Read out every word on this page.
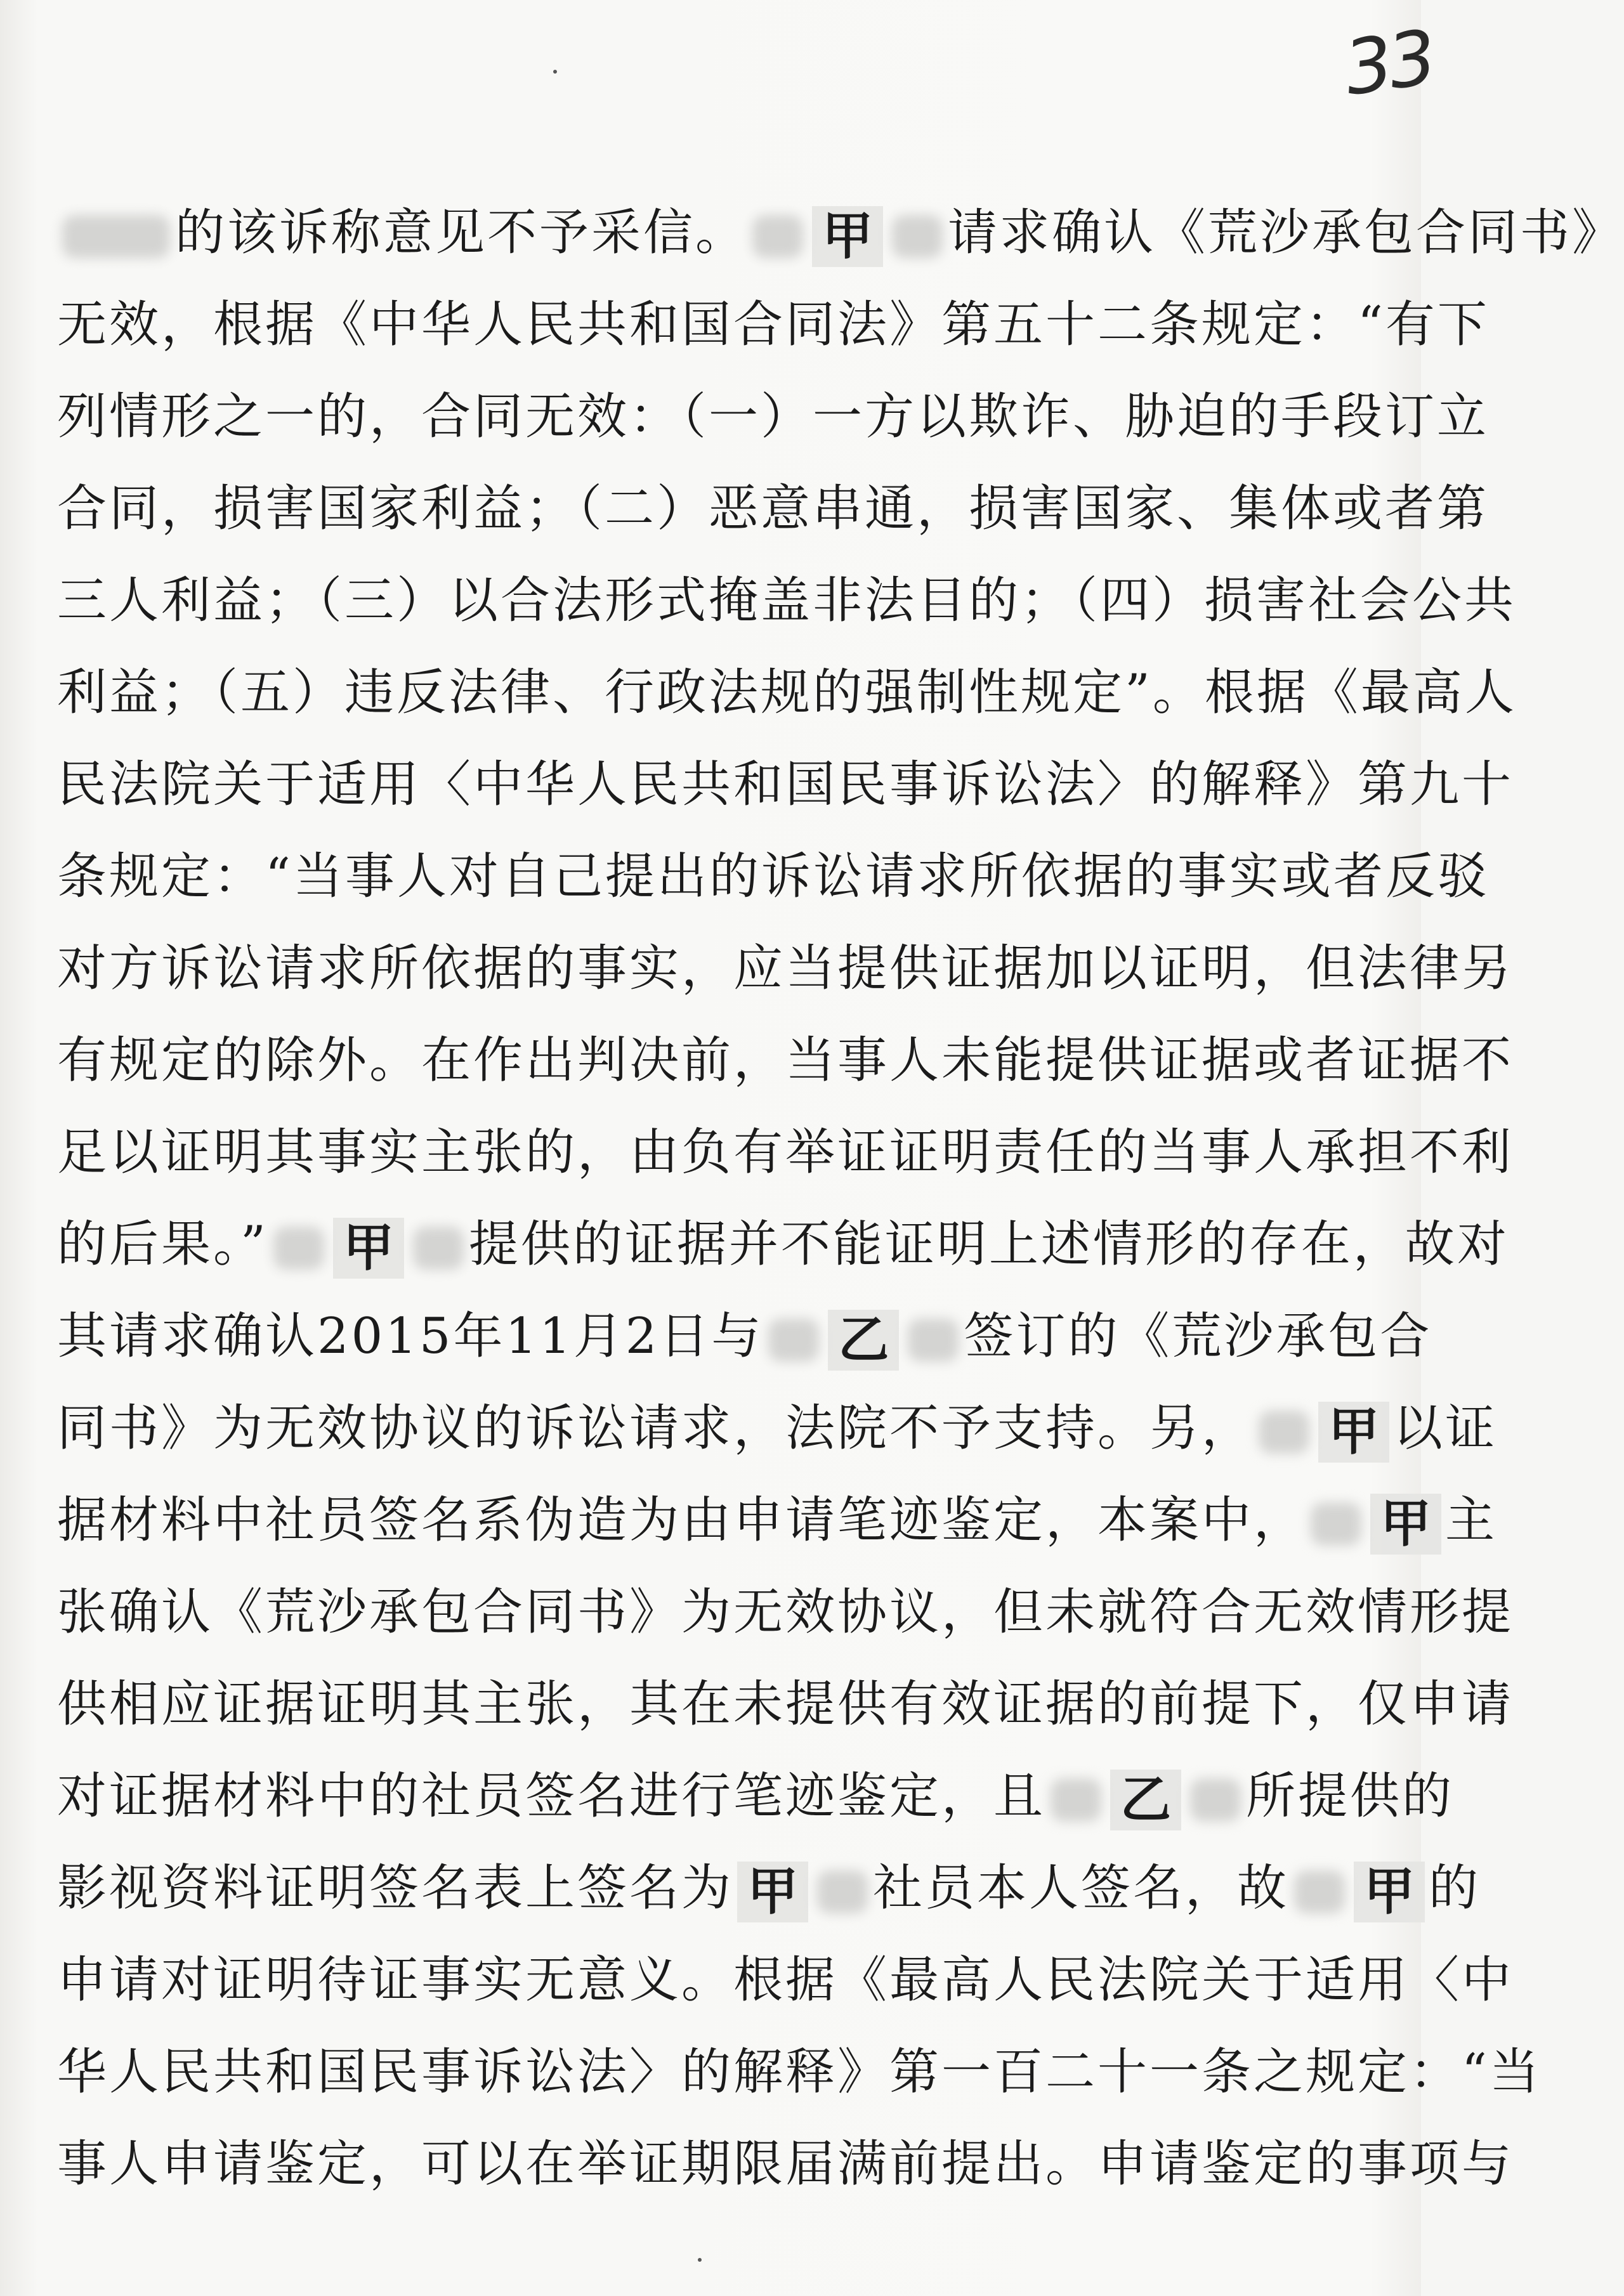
33
的该诉称意见不予采信。 甲 请求确认《荒沙承包合同书》
无效，根据《中华人民共和国合同法》第五十二条规定：“有下
列情形之一的，合同无效：（一）一方以欺诈、胁迫的手段订立
合同，损害国家利益；（二）恶意串通，损害国家、集体或者第
三人利益；（三）以合法形式掩盖非法目的；（四）损害社会公共
利益；（五）违反法律、行政法规的强制性规定”。根据《最高人
民法院关于适用〈中华人民共和国民事诉讼法〉的解释》第九十
条规定：“当事人对自己提出的诉讼请求所依据的事实或者反驳
对方诉讼请求所依据的事实，应当提供证据加以证明，但法律另
有规定的除外。在作出判决前，当事人未能提供证据或者证据不
足以证明其事实主张的，由负有举证证明责任的当事人承担不利
的后果。” 甲 提供的证据并不能证明上述情形的存在，故对
其请求确认2015年11月2日与 乙 签订的《荒沙承包合
同书》为无效协议的诉讼请求，法院不予支持。另， 甲 以证
据材料中社员签名系伪造为由申请笔迹鉴定，本案中， 甲 主
张确认《荒沙承包合同书》为无效协议，但未就符合无效情形提
供相应证据证明其主张，其在未提供有效证据的前提下，仅申请
对证据材料中的社员签名进行笔迹鉴定，且 乙 所提供的
影视资料证明签名表上签名为 甲 社员本人签名，故 甲 的
申请对证明待证事实无意义。根据《最高人民法院关于适用〈中
华人民共和国民事诉讼法〉的解释》第一百二十一条之规定：“当
事人申请鉴定，可以在举证期限届满前提出。申请鉴定的事项与
